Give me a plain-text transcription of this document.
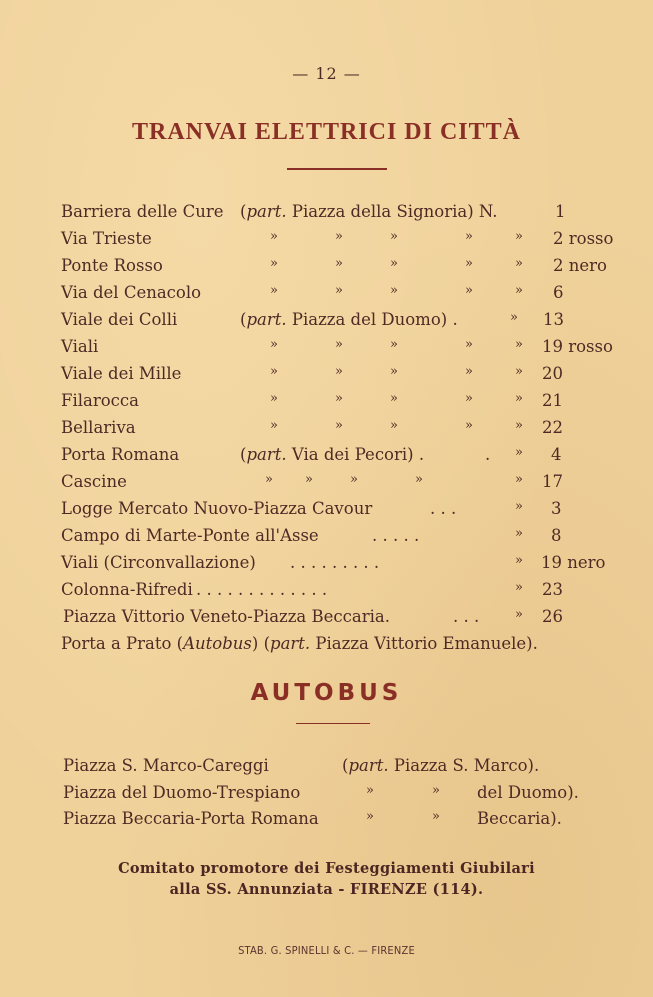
— 12 —
TRANVAI ELETTRICI DI CITTÀ
Barriera delle Cure (part. Piazza della Signoria) N.	1
Via Trieste	»	»	»	»	» 2 rosso
Ponte Rosso	»	»	»	»	» 2 nero
Via del Cenacolo	»	»	»	»	» 6
Viale dei Colli	(part. Piazza del Duomo) .	» 13
Viali	»	»	»	»	» 19 rosso
Viale dei Mille	»	»	»	»	» 20
Filarocca	»	»	»	»	» 21
Bellariva	»	»	»	»	» 22
Porta Romana	(part. Via dei Pecori) .	. » 4
Cascine	» »	»	»	» 17
Logge Mercato Nuovo-Piazza Cavour	. . .	» 3
Campo di Marte-Ponte all'Asse	. . . . .	» 8
Viali (Circonvallazione) . . . . . . . . .	» 19 nero
Colonna-Rifredi . . . . . . . . . . . . .	» 23
Piazza Vittorio Veneto-Piazza Beccaria.	. . .	» 26
Porta a Prato (Autobus) (part. Piazza Vittorio Emanuele).
AUTOBUS
Piazza S. Marco-Careggi	(part. Piazza S. Marco).
Piazza del Duomo-Trespiano	»	» del Duomo).
Piazza Beccaria-Porta Romana	»	» Beccaria).
Comitato promotore dei Festeggiamenti Giubilari
alla SS. Annunziata - FIRENZE (114).
STAB. G. SPINELLI & C. — FIRENZE
